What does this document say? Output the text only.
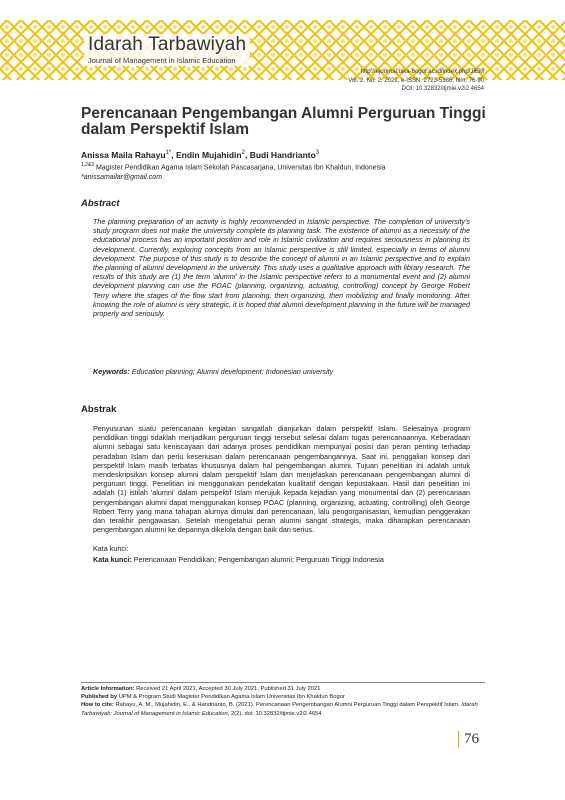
Idarah Tarbawiyah
Journal of Management in Islamic Education
http://ejournal.uika-bogor.ac.id/index.php/JIEM
Vol. 2, No. 2, 2021, e-ISSN: 2723-5386, hlm. 76-90
DOI: 10.32832/itjmie.v2i2.4654
Perencanaan Pengembangan Alumni Perguruan Tinggi dalam Perspektif Islam
Anissa Maila Rahayu$^{1*}$, Endin Mujahidin$^2$, Budi Handrianto$^3$
$^{1,2\&3}$ Magister Pendidikan Agama Islam Sekolah Pascasarjana, Universitas Ibn Khaldun, Indonesia
*anissamailar@gmail.com
Abstract
The planning preparation of an activity is highly recommended in Islamic perspective. The completion of university's study program does not make the university complete its planning task. The existence of alumni as a necessity of the educational process has an important position and role in Islamic civilization and requires seriousness in planning its development. Currently, exploring concepts from an Islamic perspective is still limited, especially in terms of alumni development. The purpose of this study is to describe the concept of alumni in an Islamic perspective and to explain the planning of alumni development in the university. This study uses a qualitative approach with library research. The results of this study are (1) the term 'alumni' in the Islamic perspective refers to a monumental event and (2) alumni development planning can use the POAC (planning, organizing, actuating, controlling) concept by George Robert Terry where the stages of the flow start from planning, then organizing, then mobilizing and finally monitoring. After knowing the role of alumni is very strategic, it is hoped that alumni development planning in the future will be managed properly and seriously.
Keywords: Education planning; Alumni development; Indonesian university
Abstrak
Penyusunan suatu perencanaan kegiatan sangatlah dianjurkan dalam perspektif Islam. Selesainya program pendidikan tinggi tidaklah menjadikan perguruan tinggi tersebut selesai dalam tugas perencanaannya. Keberadaan alumni sebagai satu keniscayaan dari adanya proses pendidikan mempunyai posisi dan peran penting terhadap peradaban Islam dan perlu keseriusan dalam perencanaan pengembangannya. Saat ini, penggalian konsep dari perspektif Islam masih terbatas khususnya dalam hal pengembangan alumni. Tujuan penelitian ini adalah untuk mendeskripsikan konsep alumni dalam perspektif Islam dan menjelaskan perencanaan pengembangan alumni di perguruan tinggi. Penelitian ini menggunakan pendekatan kualitatif dengan kepustakaan. Hasil dari penelitian ini adalah (1) istilah 'alumni' dalam perspektif Islam merujuk kepada kejadian yang monumental dan (2) perencanaan pengembangan alumni dapat menggunakan konsep POAC (planning, organizing, actuating, controlling) oleh George Robert Terry yang mana tahapan alurnya dimulai dari perencanaan, lalu pengorganisasian, kemudian penggerakan dan terakhir pengawasan. Setelah mengetahui peran alumni sangat strategis, maka diharapkan perencanaan pengembangan alumni ke depannya dikelola dengan baik dan serius.
Kata kunci:
Kata kunci: Perencanaan Pendidikan; Pengembangan alumni; Perguruan Tinggi Indonesia
Article Information: Received 21 April 2021, Accepted 30 July 2021, Published 31 July 2021
Published by UPM & Program Studi Magister Pendidikan Agama Islam Universitas Ibn Khaldun Bogor
How to cite: Rahayu, A. M., Mujahidin, E., & Handrianto, B. (2021). Perencanaan Pengembangan Alumni Perguruan Tinggi dalam Perspektif Islam. Idarah Tarbawiyah: Journal of Management in Islamic Education, 2(2). doi: 10.32832/itjmie.v2i2.4654
76
